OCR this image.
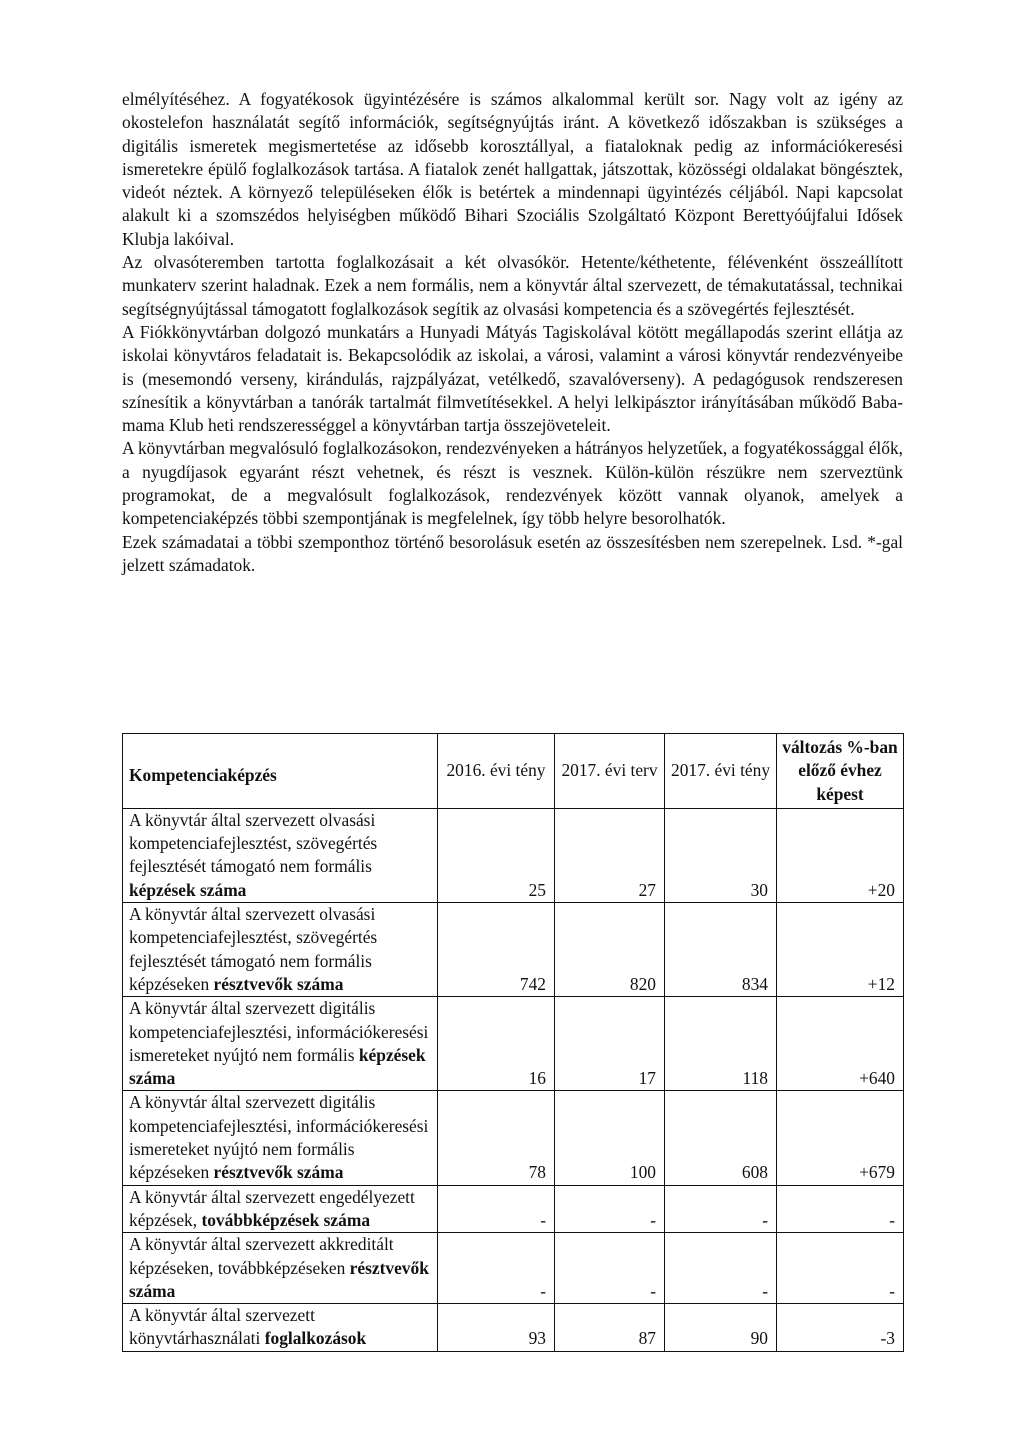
elmélyítéséhez. A fogyatékosok ügyintézésére is számos alkalommal került sor. Nagy volt az igény az okostelefon használatát segítő információk, segítségnyújtás iránt. A következő időszakban is szükséges a digitális ismeretek megismertetése az idősebb korosztállyal, a fiataloknak pedig az információkeresési ismeretekre épülő foglalkozások tartása. A fiatalok zenét hallgattak, játszottak, közösségi oldalakat böngésztek, videót néztek. A környező településeken élők is betértek a mindennapi ügyintézés céljából. Napi kapcsolat alakult ki a szomszédos helyiségben működő Bihari Szociális Szolgáltató Központ Berettyóújfalui Idősek Klubja lakóival.

Az olvasóteremben tartotta foglalkozásait a két olvasókör. Hetente/kéthetente, félévenként összeállított munkaterv szerint haladnak. Ezek a nem formális, nem a könyvtár által szervezett, de témakutatással, technikai segítségnyújtással támogatott foglalkozások segítik az olvasási kompetencia és a szövegértés fejlesztését.

A Fiókkönyvtárban dolgozó munkatárs a Hunyadi Mátyás Tagiskolával kötött megállapodás szerint ellátja az iskolai könyvtáros feladatait is. Bekapcsolódik az iskolai, a városi, valamint a városi könyvtár rendezvényeibe is (mesemondó verseny, kirándulás, rajzpályázat, vetélkedő, szavalóverseny). A pedagógusok rendszeresen színesítik a könyvtárban a tanórák tartalmát filmvetítésekkel. A helyi lelkipásztor irányításában működő Baba-mama Klub heti rendszerességgel a könyvtárban tartja összejöveteleit.

A könyvtárban megvalósuló foglalkozásokon, rendezvényeken a hátrányos helyzetűek, a fogyatékossággal élők, a nyugdíjasok egyaránt részt vehetnek, és részt is vesznek. Külön-külön részükre nem szerveztünk programokat, de a megvalósult foglalkozások, rendezvények között vannak olyanok, amelyek a kompetenciaképzés többi szempontjának is megfelelnek, így több helyre besorolhatók.

Ezek számadatai a többi szemponthoz történő besorolásuk esetén az összesítésben nem szerepelnek. Lsd. *-gal jelzett számadatok.

Kompetenciaképzés	2016. évi tény	2017. évi terv	2017. évi tény	változás %-ban előző évhez képest
A könyvtár által szervezett olvasási kompetenciafejlesztést, szövegértés fejlesztését támogató nem formális képzések száma	25	27	30	+20
A könyvtár által szervezett olvasási kompetenciafejlesztést, szövegértés fejlesztését támogató nem formális képzéseken résztvevők száma	742	820	834	+12
A könyvtár által szervezett digitális kompetenciafejlesztési, információkeresési ismereteket nyújtó nem formális képzések száma	16	17	118	+640
A könyvtár által szervezett digitális kompetenciafejlesztési, információkeresési ismereteket nyújtó nem formális képzéseken résztvevők száma	78	100	608	+679
A könyvtár által szervezett engedélyezett képzések, továbbképzések száma	-	-	-	-
A könyvtár által szervezett akkreditált képzéseken, továbbképzéseken résztvevők száma	-	-	-	-
A könyvtár által szervezett könyvtárhasználati foglalkozások	93	87	90	-3
